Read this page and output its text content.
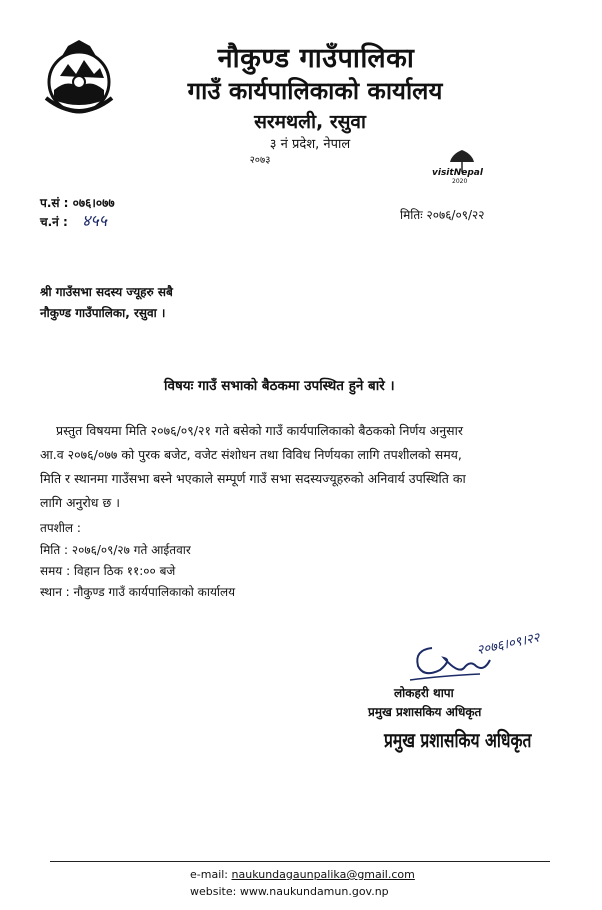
नौकुण्ड गाउँपालिका
गाउँ कार्यपालिकाको कार्यालय
सरमथली, रसुवा
३ नं प्रदेश, नेपाल
२०७३
visitNepal
2020
प.सं : ०७६।०७७
च.नं : ४५५	मितिः २०७६/०९/२२
श्री गाउँसभा सदस्य ज्यूहरु सबै
नौकुण्ड गाउँपालिका, रसुवा ।
विषयः गाउँ सभाको बैठकमा उपस्थित हुने बारे ।
प्रस्तुत विषयमा मिति २०७६/०९/२१ गते बसेको गाउँ कार्यपालिकाको बैठकको निर्णय अनुसार
आ.व २०७६/०७७ को पुरक बजेट, वजेट संशोधन तथा विविध निर्णयका लागि तपशीलको समय,
मिति र स्थानमा गाउँसभा बस्ने भएकाले सम्पूर्ण गाउँ सभा सदस्यज्यूहरुको अनिवार्य उपस्थिति का
लागि अनुरोध छ ।
तपशील :
मिति : २०७६/०९/२७ गते आईतवार
समय : विहान ठिक ११:०० बजे
स्थान : नौकुण्ड गाउँ कार्यपालिकाको कार्यालय
२०७६।०९।२२
लोकहरी थापा
प्रमुख प्रशासकिय अधिकृत
प्रमुख प्रशासकिय अधिकृत
e-mail: naukundagaunpalika@gmail.com
website: www.naukundamun.gov.np
